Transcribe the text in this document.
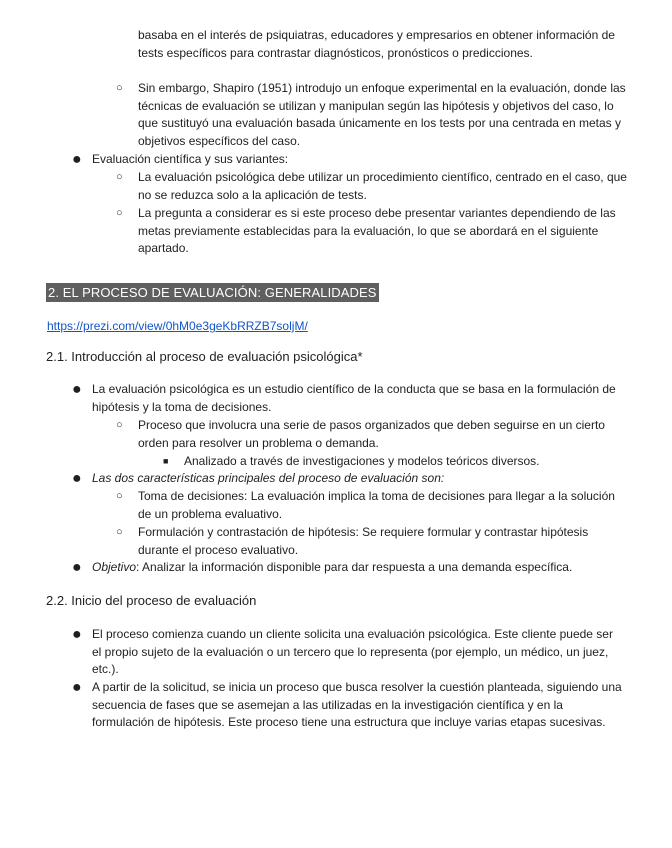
basaba en el interés de psiquiatras, educadores y empresarios en obtener información de tests específicos para contrastar diagnósticos, pronósticos o predicciones.

○ Sin embargo, Shapiro (1951) introdujo un enfoque experimental en la evaluación, donde las técnicas de evaluación se utilizan y manipulan según las hipótesis y objetivos del caso, lo que sustituyó una evaluación basada únicamente en los tests por una centrada en metas y objetivos específicos del caso.

● Evaluación científica y sus variantes:

○ La evaluación psicológica debe utilizar un procedimiento científico, centrado en el caso, que no se reduzca solo a la aplicación de tests.

○ La pregunta a considerar es si este proceso debe presentar variantes dependiendo de las metas previamente establecidas para la evaluación, lo que se abordará en el siguiente apartado.

2. EL PROCESO DE EVALUACIÓN: GENERALIDADES
https://prezi.com/view/0hM0e3geKbRRZB7soljM/
2.1. Introducción al proceso de evaluación psicológica*
● La evaluación psicológica es un estudio científico de la conducta que se basa en la formulación de hipótesis y la toma de decisiones.

○ Proceso que involucra una serie de pasos organizados que deben seguirse en un cierto orden para resolver un problema o demanda.

■ Analizado a través de investigaciones y modelos teóricos diversos.

● Las dos características principales del proceso de evaluación son:

○ Toma de decisiones: La evaluación implica la toma de decisiones para llegar a la solución de un problema evaluativo.

○ Formulación y contrastación de hipótesis: Se requiere formular y contrastar hipótesis durante el proceso evaluativo.

● Objetivo: Analizar la información disponible para dar respuesta a una demanda específica.

2.2. Inicio del proceso de evaluación
● El proceso comienza cuando un cliente solicita una evaluación psicológica. Este cliente puede ser el propio sujeto de la evaluación o un tercero que lo representa (por ejemplo, un médico, un juez, etc.).

● A partir de la solicitud, se inicia un proceso que busca resolver la cuestión planteada, siguiendo una secuencia de fases que se asemejan a las utilizadas en la investigación científica y en la formulación de hipótesis. Este proceso tiene una estructura que incluye varias etapas sucesivas.
